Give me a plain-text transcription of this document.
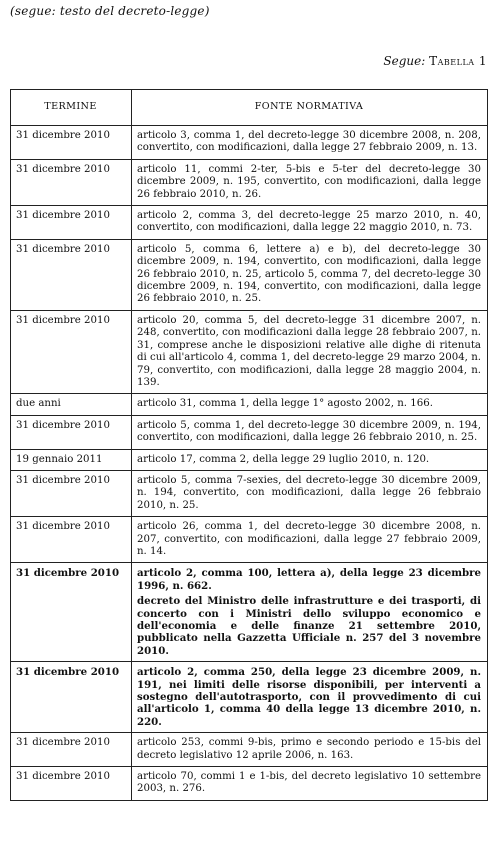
(segue: testo del decreto-legge)
Segue: Tabella 1
TERMINE	FONTE NORMATIVA
31 dicembre 2010	articolo 3, comma 1, del decreto-legge 30 dicembre 2008, n. 208, convertito, con modificazioni, dalla legge 27 febbraio 2009, n. 13.

31 dicembre 2010	articolo 11, commi 2-ter, 5-bis e 5-ter del decreto-legge 30 dicembre 2009, n. 195, convertito, con modificazioni, dalla legge 26 febbraio 2010, n. 26.

31 dicembre 2010	articolo 2, comma 3, del decreto-legge 25 marzo 2010, n. 40, convertito, con modificazioni, dalla legge 22 maggio 2010, n. 73.

31 dicembre 2010	articolo 5, comma 6, lettere a) e b), del decreto-legge 30 dicembre 2009, n. 194, convertito, con modificazioni, dalla legge 26 febbraio 2010, n. 25, articolo 5, comma 7, del decreto-legge 30 dicembre 2009, n. 194, convertito, con modificazioni, dalla legge 26 febbraio 2010, n. 25.

31 dicembre 2010	articolo 20, comma 5, del decreto-legge 31 dicembre 2007, n. 248, convertito, con modificazioni dalla legge 28 febbraio 2007, n. 31, comprese anche le disposizioni relative alle dighe di ritenuta di cui all'articolo 4, comma 1, del decreto-legge 29 marzo 2004, n. 79, convertito, con modificazioni, dalla legge 28 maggio 2004, n. 139.

due anni	articolo 31, comma 1, della legge 1° agosto 2002, n. 166.

31 dicembre 2010	articolo 5, comma 1, del decreto-legge 30 dicembre 2009, n. 194, convertito, con modificazioni, dalla legge 26 febbraio 2010, n. 25.

19 gennaio 2011	articolo 17, comma 2, della legge 29 luglio 2010, n. 120.

31 dicembre 2010	articolo 5, comma 7-sexies, del decreto-legge 30 dicembre 2009, n. 194, convertito, con modificazioni, dalla legge 26 febbraio 2010, n. 25.

31 dicembre 2010	articolo 26, comma 1, del decreto-legge 30 dicembre 2008, n. 207, convertito, con modificazioni, dalla legge 27 febbraio 2009, n. 14.

31 dicembre 2010	articolo 2, comma 100, lettera a), della legge 23 dicembre 1996, n. 662.
decreto del Ministro delle infrastrutture e dei trasporti, di concerto con i Ministri dello sviluppo economico e dell'economia e delle finanze 21 settembre 2010, pubblicato nella Gazzetta Ufficiale n. 257 del 3 novembre 2010.

31 dicembre 2010	articolo 2, comma 250, della legge 23 dicembre 2009, n. 191, nei limiti delle risorse disponibili, per interventi a sostegno dell'autotrasporto, con il provvedimento di cui all'articolo 1, comma 40 della legge 13 dicembre 2010, n. 220.

31 dicembre 2010	articolo 253, commi 9-bis, primo e secondo periodo e 15-bis del decreto legislativo 12 aprile 2006, n. 163.

31 dicembre 2010	articolo 70, commi 1 e 1-bis, del decreto legislativo 10 settembre 2003, n. 276.
